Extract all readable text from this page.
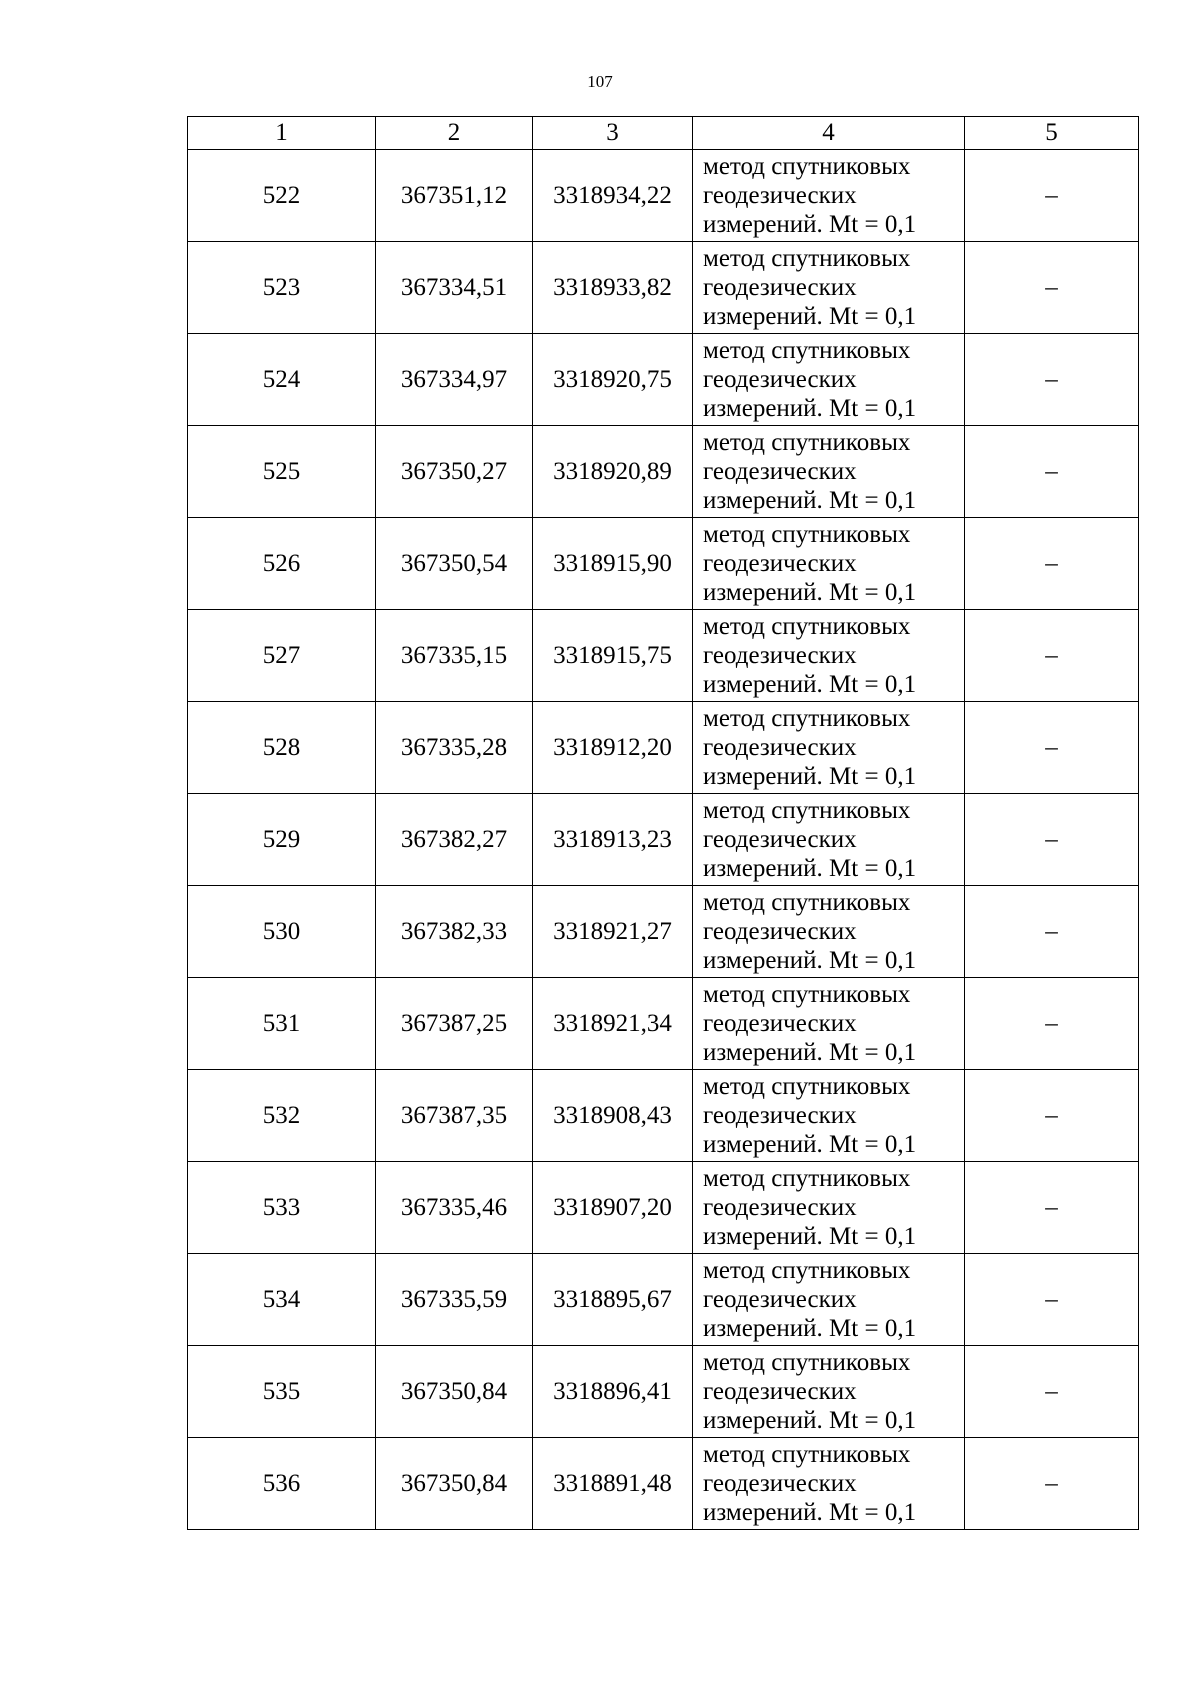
107
1	2	3	4	5
522	367351,12	3318934,22	метод спутниковых
геодезических
измерений. Mt = 0,1	–
523	367334,51	3318933,82	метод спутниковых
геодезических
измерений. Mt = 0,1	–
524	367334,97	3318920,75	метод спутниковых
геодезических
измерений. Mt = 0,1	–
525	367350,27	3318920,89	метод спутниковых
геодезических
измерений. Mt = 0,1	–
526	367350,54	3318915,90	метод спутниковых
геодезических
измерений. Mt = 0,1	–
527	367335,15	3318915,75	метод спутниковых
геодезических
измерений. Mt = 0,1	–
528	367335,28	3318912,20	метод спутниковых
геодезических
измерений. Mt = 0,1	–
529	367382,27	3318913,23	метод спутниковых
геодезических
измерений. Mt = 0,1	–
530	367382,33	3318921,27	метод спутниковых
геодезических
измерений. Mt = 0,1	–
531	367387,25	3318921,34	метод спутниковых
геодезических
измерений. Mt = 0,1	–
532	367387,35	3318908,43	метод спутниковых
геодезических
измерений. Mt = 0,1	–
533	367335,46	3318907,20	метод спутниковых
геодезических
измерений. Mt = 0,1	–
534	367335,59	3318895,67	метод спутниковых
геодезических
измерений. Mt = 0,1	–
535	367350,84	3318896,41	метод спутниковых
геодезических
измерений. Mt = 0,1	–
536	367350,84	3318891,48	метод спутниковых
геодезических
измерений. Mt = 0,1	–
